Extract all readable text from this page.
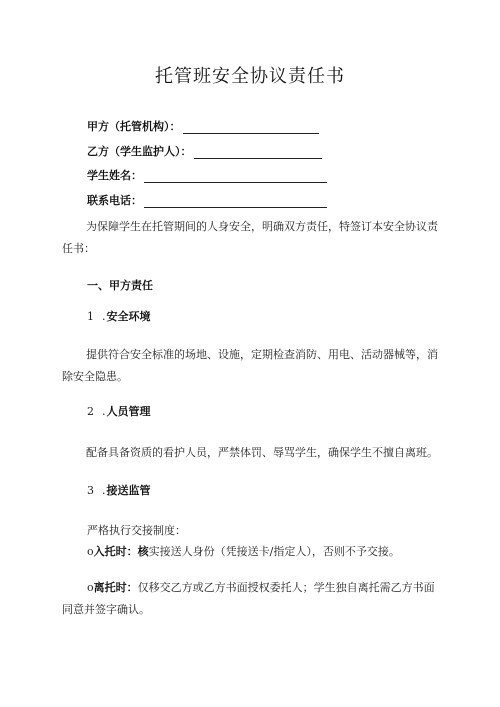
托管班安全协议责任书
甲方（托管机构）：
乙方（学生监护人）：
学生姓名：
联系电话：
为保障学生在托管期间的人身安全，明确双方责任，特签订本安全协议责任书：
一、甲方责任
1 .安全环境
提供符合安全标准的场地、设施，定期检查消防、用电、活动器械等，消除安全隐患。
2 .人员管理
配备具备资质的看护人员，严禁体罚、辱骂学生，确保学生不擅自离班。
3 .接送监管
严格执行交接制度：
o入托时：核实接送人身份（凭接送卡/指定人），否则不予交接。
o离托时：仅移交乙方或乙方书面授权委托人；学生独自离托需乙方书面
同意并签字确认。
